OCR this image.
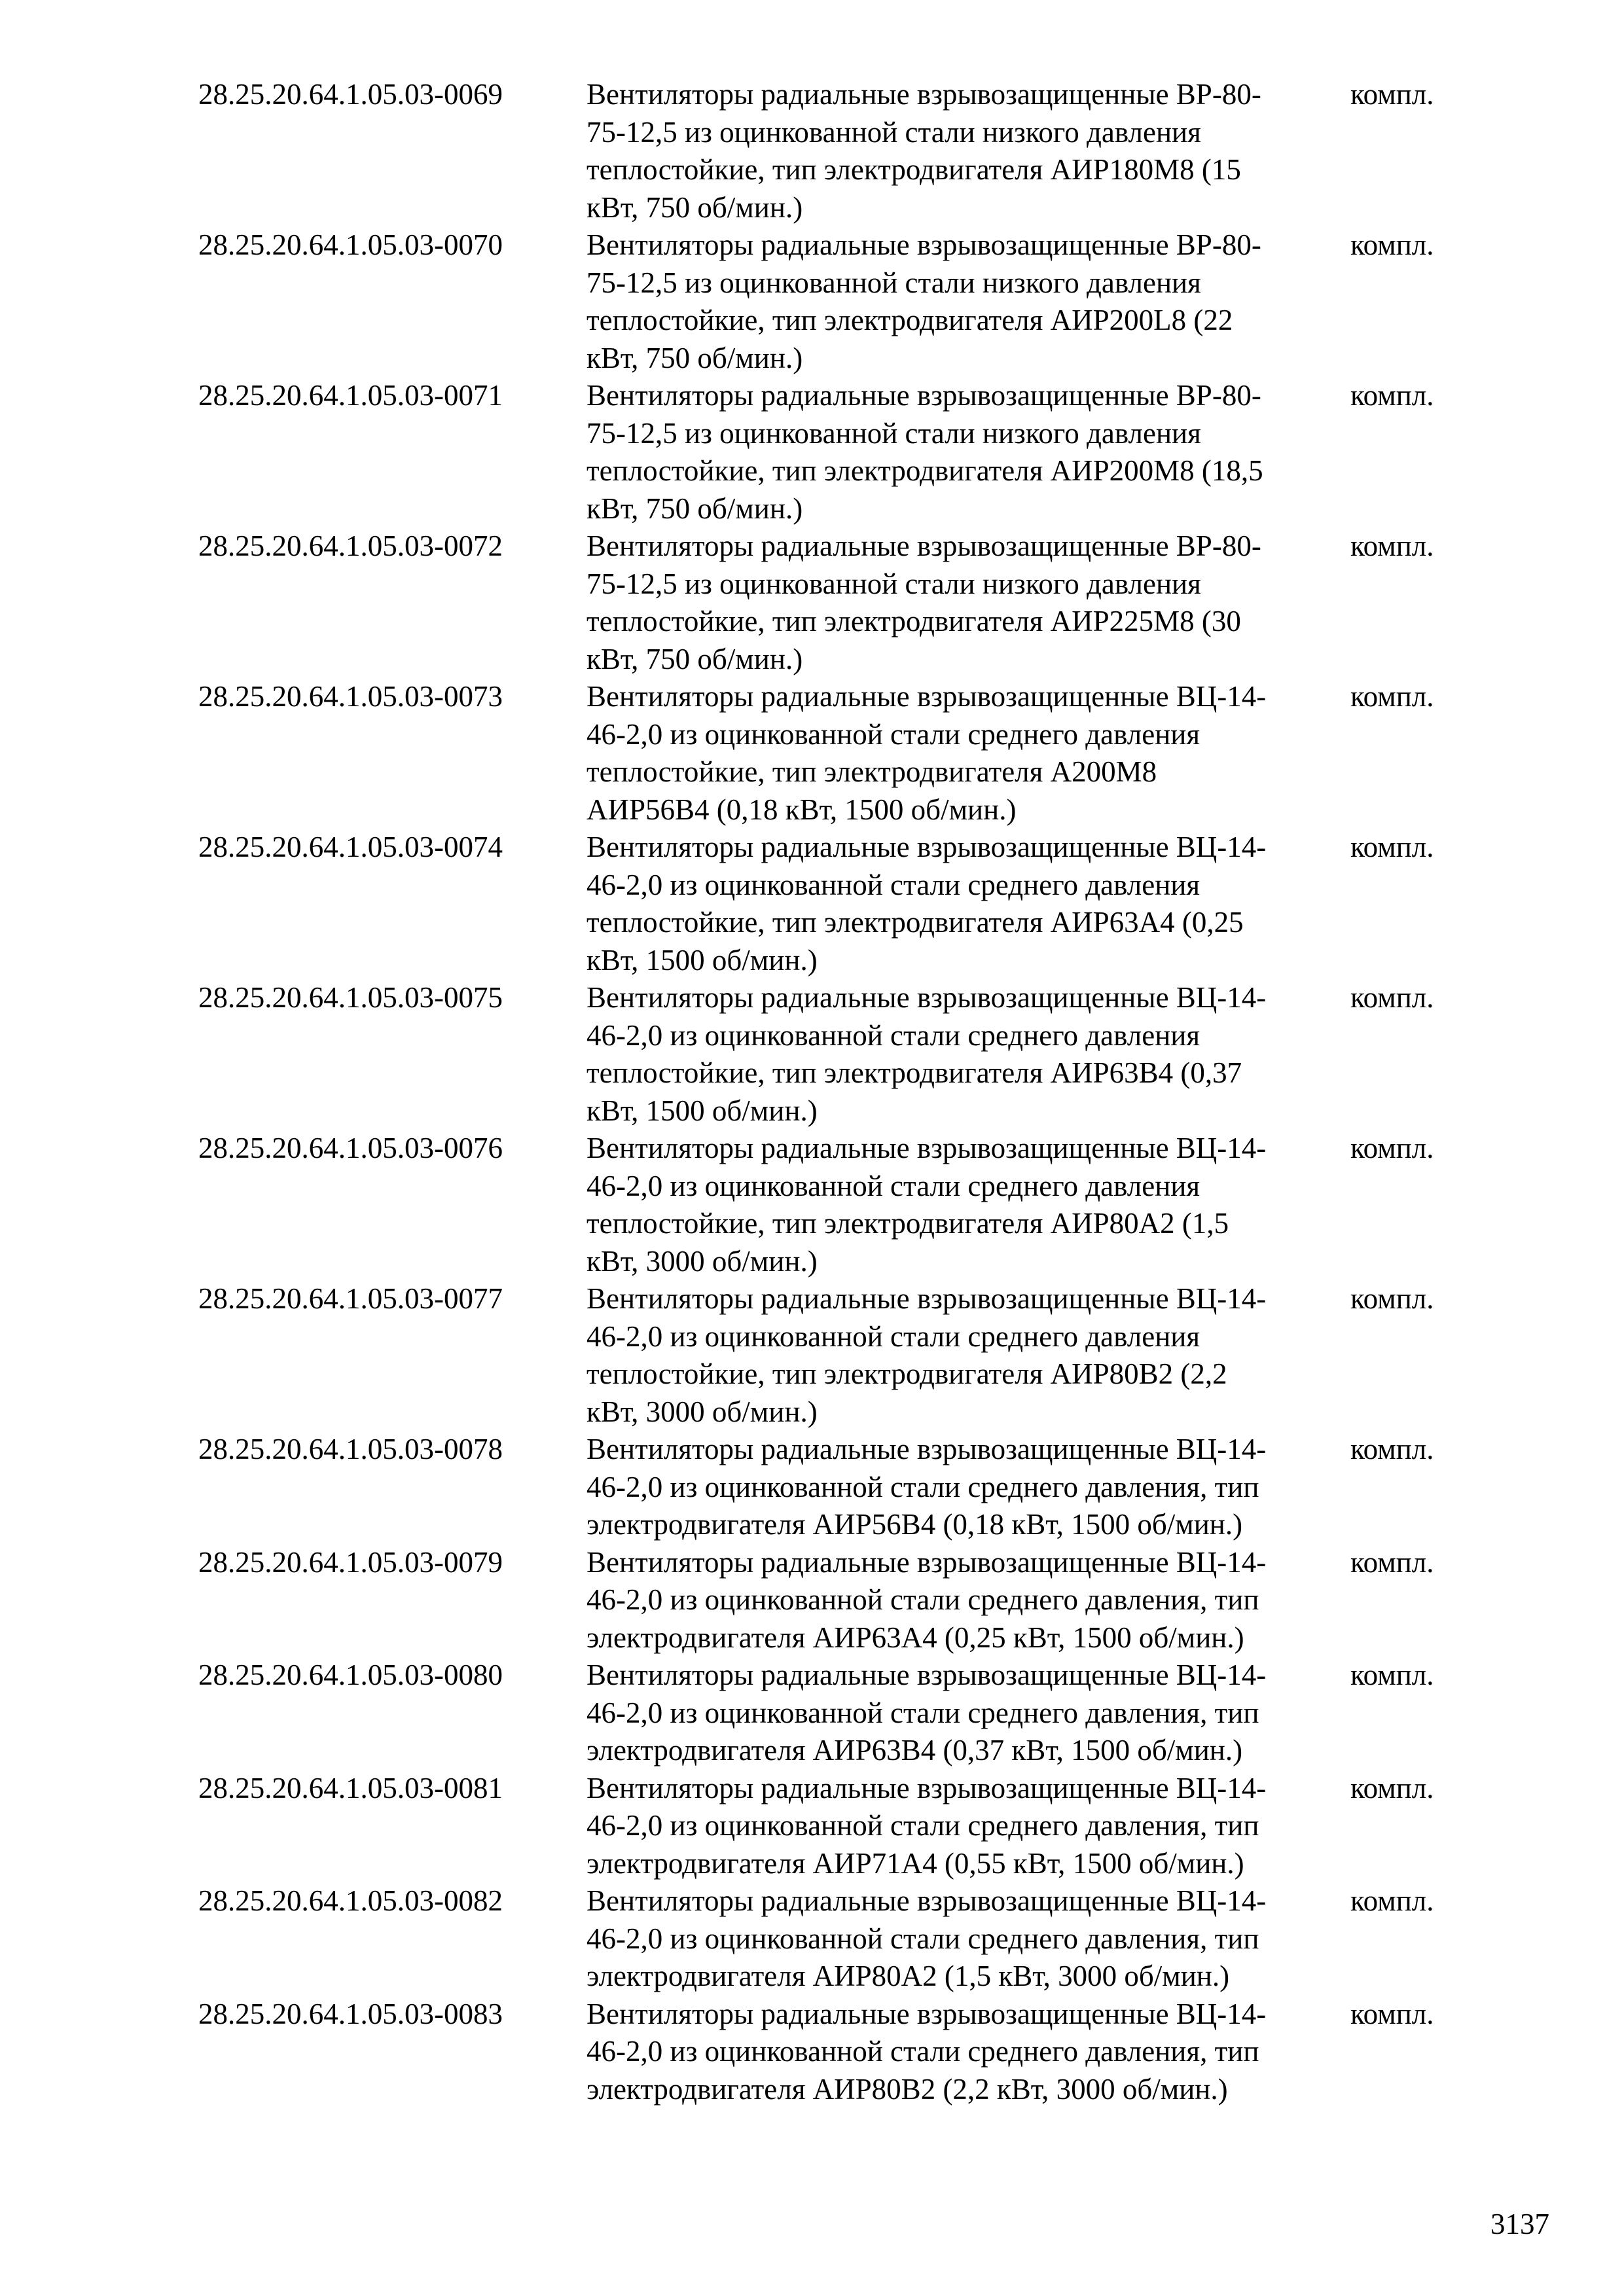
28.25.20.64.1.05.03-0069	Вентиляторы радиальные взрывозащищенные ВР-80-
75-12,5 из оцинкованной стали низкого давления
теплостойкие, тип электродвигателя АИР180М8 (15
кВт, 750 об/мин.)
компл.
28.25.20.64.1.05.03-0070	Вентиляторы радиальные взрывозащищенные ВР-80-
75-12,5 из оцинкованной стали низкого давления
теплостойкие, тип электродвигателя АИР200L8 (22
кВт, 750 об/мин.)
компл.
28.25.20.64.1.05.03-0071	Вентиляторы радиальные взрывозащищенные ВР-80-
75-12,5 из оцинкованной стали низкого давления
теплостойкие, тип электродвигателя АИР200М8 (18,5
кВт, 750 об/мин.)
компл.
28.25.20.64.1.05.03-0072	Вентиляторы радиальные взрывозащищенные ВР-80-
75-12,5 из оцинкованной стали низкого давления
теплостойкие, тип электродвигателя АИР225М8 (30
кВт, 750 об/мин.)
компл.
28.25.20.64.1.05.03-0073	Вентиляторы радиальные взрывозащищенные ВЦ-14-
46-2,0 из оцинкованной стали среднего давления
теплостойкие, тип электродвигателя А200М8
АИР56В4 (0,18 кВт, 1500 об/мин.)
компл.
28.25.20.64.1.05.03-0074	Вентиляторы радиальные взрывозащищенные ВЦ-14-
46-2,0 из оцинкованной стали среднего давления
теплостойкие, тип электродвигателя АИР63А4 (0,25
кВт, 1500 об/мин.)
компл.
28.25.20.64.1.05.03-0075	Вентиляторы радиальные взрывозащищенные ВЦ-14-
46-2,0 из оцинкованной стали среднего давления
теплостойкие, тип электродвигателя АИР63В4 (0,37
кВт, 1500 об/мин.)
компл.
28.25.20.64.1.05.03-0076	Вентиляторы радиальные взрывозащищенные ВЦ-14-
46-2,0 из оцинкованной стали среднего давления
теплостойкие, тип электродвигателя АИР80А2 (1,5
кВт, 3000 об/мин.)
компл.
28.25.20.64.1.05.03-0077	Вентиляторы радиальные взрывозащищенные ВЦ-14-
46-2,0 из оцинкованной стали среднего давления
теплостойкие, тип электродвигателя АИР80В2 (2,2
кВт, 3000 об/мин.)
компл.
28.25.20.64.1.05.03-0078	Вентиляторы радиальные взрывозащищенные ВЦ-14-
46-2,0 из оцинкованной стали среднего давления, тип
электродвигателя АИР56В4 (0,18 кВт, 1500 об/мин.)
компл.
28.25.20.64.1.05.03-0079	Вентиляторы радиальные взрывозащищенные ВЦ-14-
46-2,0 из оцинкованной стали среднего давления, тип
электродвигателя АИР63А4 (0,25 кВт, 1500 об/мин.)
компл.
28.25.20.64.1.05.03-0080	Вентиляторы радиальные взрывозащищенные ВЦ-14-
46-2,0 из оцинкованной стали среднего давления, тип
электродвигателя АИР63В4 (0,37 кВт, 1500 об/мин.)
компл.
28.25.20.64.1.05.03-0081	Вентиляторы радиальные взрывозащищенные ВЦ-14-
46-2,0 из оцинкованной стали среднего давления, тип
электродвигателя АИР71А4 (0,55 кВт, 1500 об/мин.)
компл.
28.25.20.64.1.05.03-0082	Вентиляторы радиальные взрывозащищенные ВЦ-14-
46-2,0 из оцинкованной стали среднего давления, тип
электродвигателя АИР80А2 (1,5 кВт, 3000 об/мин.)
компл.
28.25.20.64.1.05.03-0083	Вентиляторы радиальные взрывозащищенные ВЦ-14-
46-2,0 из оцинкованной стали среднего давления, тип
электродвигателя АИР80В2 (2,2 кВт, 3000 об/мин.)
компл.
3137
